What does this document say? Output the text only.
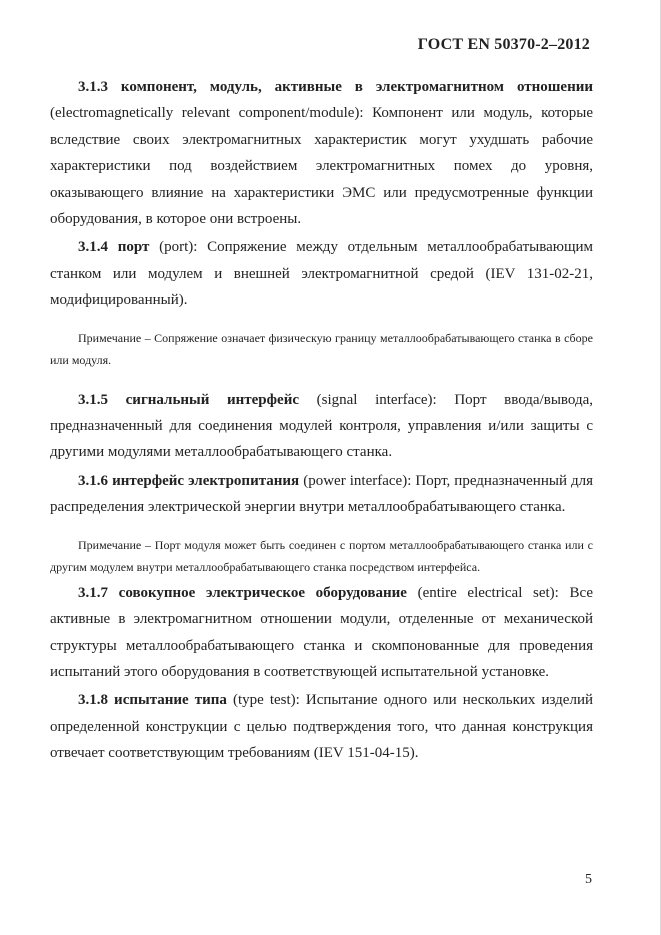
ГОСТ EN 50370-2–2012

3.1.3 компонент, модуль, активные в электромагнитном отношении (electromagnetically relevant component/module): Компонент или модуль, которые вследствие своих электромагнитных характеристик могут ухудшать рабочие характеристики под воздействием электромагнитных помех до уровня, оказывающего влияние на характеристики ЭМС или предусмотренные функции оборудования, в которое они встроены.

3.1.4 порт (port): Сопряжение между отдельным металлообрабатывающим станком или модулем и внешней электромагнитной средой (IEV 131-02-21, модифицированный).

Примечание – Сопряжение означает физическую границу металлообрабатывающего станка в сборе или модуля.

3.1.5 сигнальный интерфейс (signal interface): Порт ввода/вывода, предназначенный для соединения модулей контроля, управления и/или защиты с другими модулями металлообрабатывающего станка.

3.1.6 интерфейс электропитания (power interface): Порт, предназначенный для распределения электрической энергии внутри металлообрабатывающего станка.

Примечание – Порт модуля может быть соединен с портом металлообрабатывающего станка или с другим модулем внутри металлообрабатывающего станка посредством интерфейса.

3.1.7 совокупное электрическое оборудование (entire electrical set): Все активные в электромагнитном отношении модули, отделенные от механической структуры металлообрабатывающего станка и скомпонованные для проведения испытаний этого оборудования в соответствующей испытательной установке.

3.1.8 испытание типа (type test): Испытание одного или нескольких изделий определенной конструкции с целью подтверждения того, что данная конструкция отвечает соответствующим требованиям (IEV 151-04-15).

5
